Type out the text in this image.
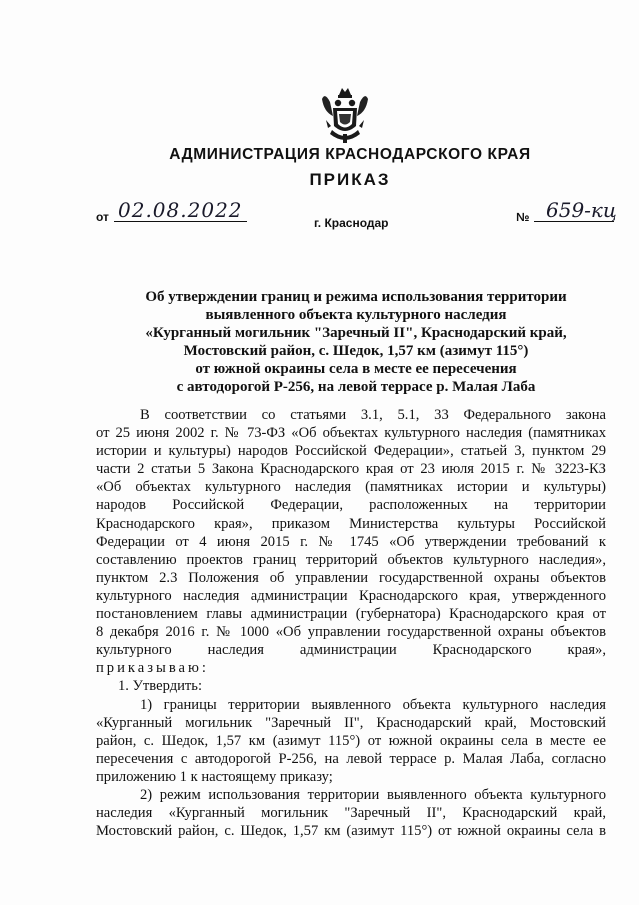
АДМИНИСТРАЦИЯ КРАСНОДАРСКОГО КРАЯ
ПРИКАЗ
от 02.08.2022	№ 659-кц
г. Краснодар
Об утверждении границ и режима использования территории
выявленного объекта культурного наследия
«Курганный могильник "Заречный II", Краснодарский край,
Мостовский район, с. Шедок, 1,57 км (азимут 115°)
от южной окраины села в месте ее пересечения
с автодорогой Р-256, на левой террасе р. Малая Лаба
В соответствии со статьями 3.1, 5.1, 33 Федерального закона
от 25 июня 2002 г. № 73-ФЗ «Об объектах культурного наследия (памятниках
истории и культуры) народов Российской Федерации», статьей 3, пунктом 29
части 2 статьи 5 Закона Краснодарского края от 23 июля 2015 г. № 3223-КЗ
«Об объектах культурного наследия (памятниках истории и культуры)
народов Российской Федерации, расположенных на территории
Краснодарского края», приказом Министерства культуры Российской
Федерации от 4 июня 2015 г. № 1745 «Об утверждении требований к
составлению проектов границ территорий объектов культурного наследия»,
пунктом 2.3 Положения об управлении государственной охраны объектов
культурного наследия администрации Краснодарского края, утвержденного
постановлением главы администрации (губернатора) Краснодарского края от
8 декабря 2016 г. № 1000 «Об управлении государственной охраны объектов
культурного наследия администрации Краснодарского края»,
приказываю:
1. Утвердить:
1) границы территории выявленного объекта культурного наследия
«Курганный могильник "Заречный II", Краснодарский край, Мостовский
район, с. Шедок, 1,57 км (азимут 115°) от южной окраины села в месте ее
пересечения с автодорогой Р-256, на левой террасе р. Малая Лаба, согласно
приложению 1 к настоящему приказу;
2) режим использования территории выявленного объекта культурного
наследия «Курганный могильник "Заречный II", Краснодарский край,
Мостовский район, с. Шедок, 1,57 км (азимут 115°) от южной окраины села в
